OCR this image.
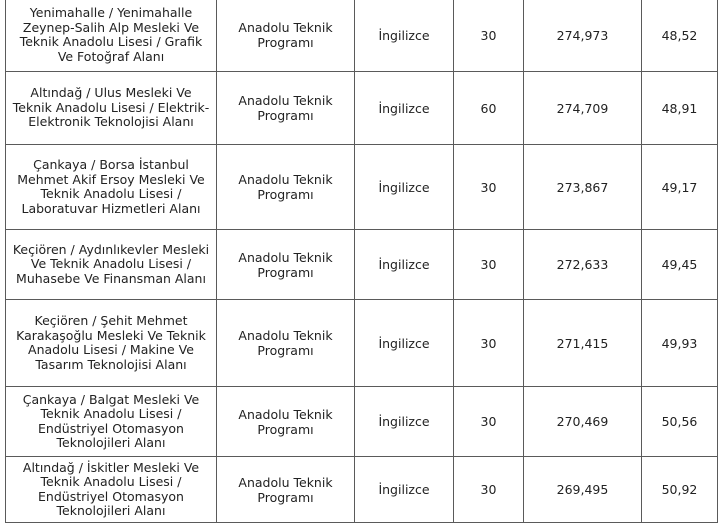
Yenimahalle / Yenimahalle Zeynep-Salih Alp Mesleki Ve Teknik Anadolu Lisesi / Grafik Ve Fotoğraf Alanı	Anadolu Teknik Programı	İngilizce	30	274,973	48,52
Altındağ / Ulus Mesleki Ve Teknik Anadolu Lisesi / Elektrik-Elektronik Teknolojisi Alanı	Anadolu Teknik Programı	İngilizce	60	274,709	48,91
Çankaya / Borsa İstanbul Mehmet Akif Ersoy Mesleki Ve Teknik Anadolu Lisesi / Laboratuvar Hizmetleri Alanı	Anadolu Teknik Programı	İngilizce	30	273,867	49,17
Keçiören / Aydınlıkevler Mesleki Ve Teknik Anadolu Lisesi / Muhasebe Ve Finansman Alanı	Anadolu Teknik Programı	İngilizce	30	272,633	49,45
Keçiören / Şehit Mehmet Karakaşoğlu Mesleki Ve Teknik Anadolu Lisesi / Makine Ve Tasarım Teknolojisi Alanı	Anadolu Teknik Programı	İngilizce	30	271,415	49,93
Çankaya / Balgat Mesleki Ve Teknik Anadolu Lisesi / Endüstriyel Otomasyon Teknolojileri Alanı	Anadolu Teknik Programı	İngilizce	30	270,469	50,56
Altındağ / İskitler Mesleki Ve Teknik Anadolu Lisesi / Endüstriyel Otomasyon Teknolojileri Alanı	Anadolu Teknik Programı	İngilizce	30	269,495	50,92
